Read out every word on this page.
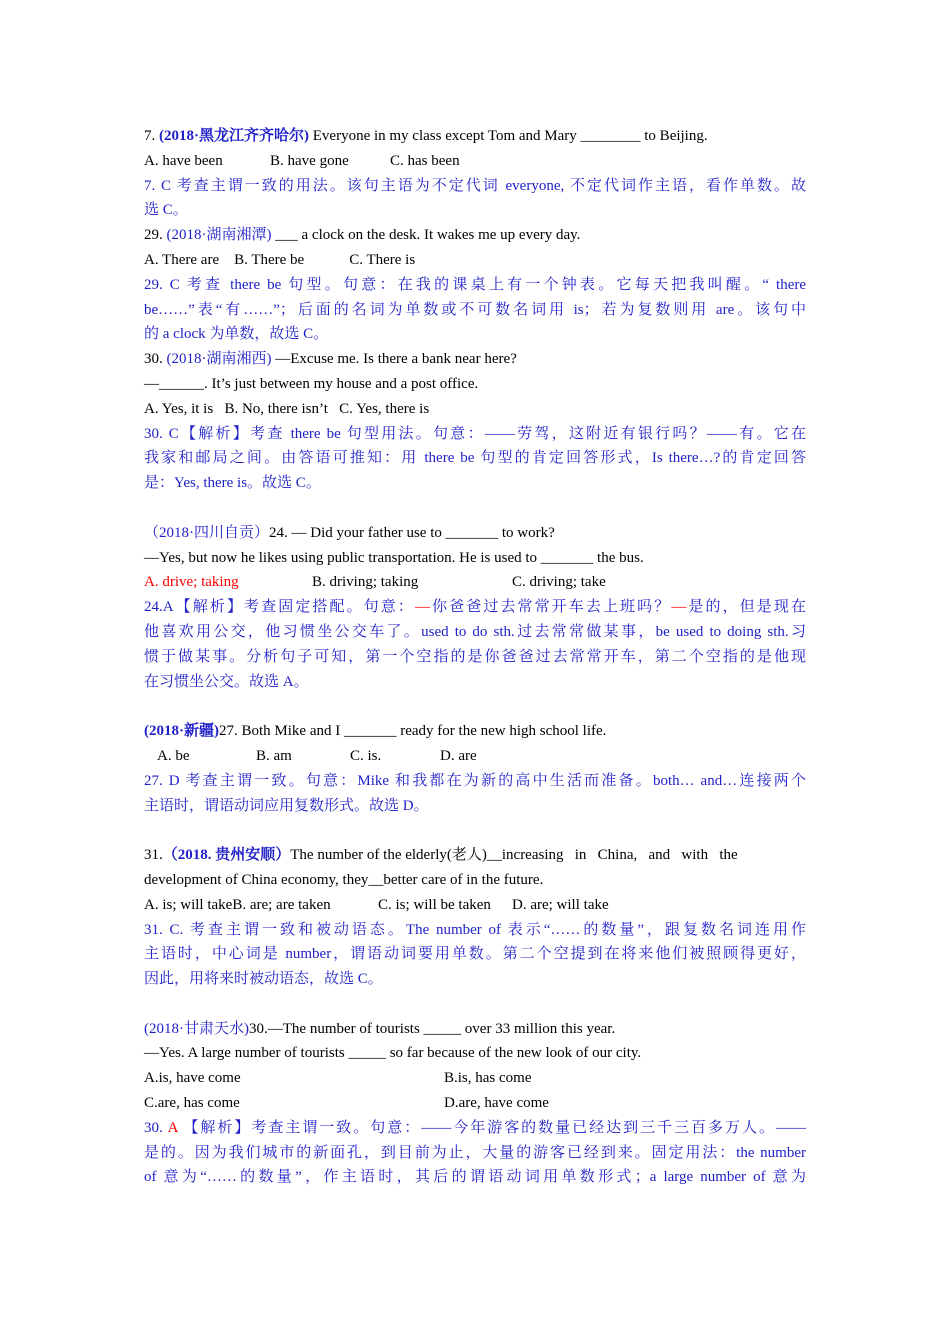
7. (2018·黑龙江齐齐哈尔) Everyone in my class except Tom and Mary ________ to Beijing.
A. have been	B. have gone	C. has been
7. C 考查主谓一致的用法。该句主语为不定代词 everyone, 不定代词作主语，看作单数。故
选 C。
29. (2018·湖南湘潭) ___ a clock on the desk. It wakes me up every day.
A. There are    B. There be            C. There is
29. C 考查 there be 句型。句意：在我的课桌上有一个钟表。它每天把我叫醒。“ there
be……”表“有……”；后面的名词为单数或不可数名词用 is；若为复数则用 are。该句中
的 a clock 为单数，故选 C。
30. (2018·湖南湘西) —Excuse me. Is there a bank near here?
—______. It’s just between my house and a post office.
A. Yes, it is   B. No, there isn’t   C. Yes, there is
30. C【解析】考查 there be 句型用法。句意：——劳驾，这附近有银行吗？——有。它在
我家和邮局之间。由答语可推知：用 there be 句型的肯定回答形式，Is there…?的肯定回答
是：Yes, there is。故选 C。
（2018·四川自贡）24. — Did your father use to _______ to work?
—Yes, but now he likes using public transportation. He is used to _______ the bus.
A. drive; taking	B. driving; taking	C. driving; take
24.A【解析】考查固定搭配。句意：—你爸爸过去常常开车去上班吗？—是的，但是现在
他喜欢用公交，他习惯坐公交车了。used to do sth.过去常常做某事，be used to doing sth.习
惯于做某事。分析句子可知，第一个空指的是你爸爸过去常常开车，第二个空指的是他现
在习惯坐公交。故选 A。
(2018·新疆)27. Both Mike and I _______ ready for the new high school life.
A. be	B. am	C. is.	D. are
27. D 考查主谓一致。句意：Mike 和我都在为新的高中生活而准备。both… and…连接两个
主语时，谓语动词应用复数形式。故选 D。
31.（2018. 贵州安顺）The number of the elderly(老人)__increasing   in   China,   and   with   the
development of China economy, they__better care of in the future.
A. is; will takeB. are; are taken	C. is; will be taken D. are; will take
31. C. 考查主谓一致和被动语态。The number of 表示“……的数量”，跟复数名词连用作
主语时，中心词是 number，谓语动词要用单数。第二个空提到在将来他们被照顾得更好，
因此，用将来时被动语态，故选 C。
(2018·甘肃天水)30.—The number of tourists _____ over 33 million this year.
—Yes. A large number of tourists _____ so far because of the new look of our city.
A.is, have come	B.is, has come
C.are, has come	D.are, have come
30. A 【解析】考查主谓一致。句意：——今年游客的数量已经达到三千三百多万人。——
是的。因为我们城市的新面孔，到目前为止，大量的游客已经到来。固定用法：the number
of 意为“……的数量”，作主语时，其后的谓语动词用单数形式；a large number of 意为
